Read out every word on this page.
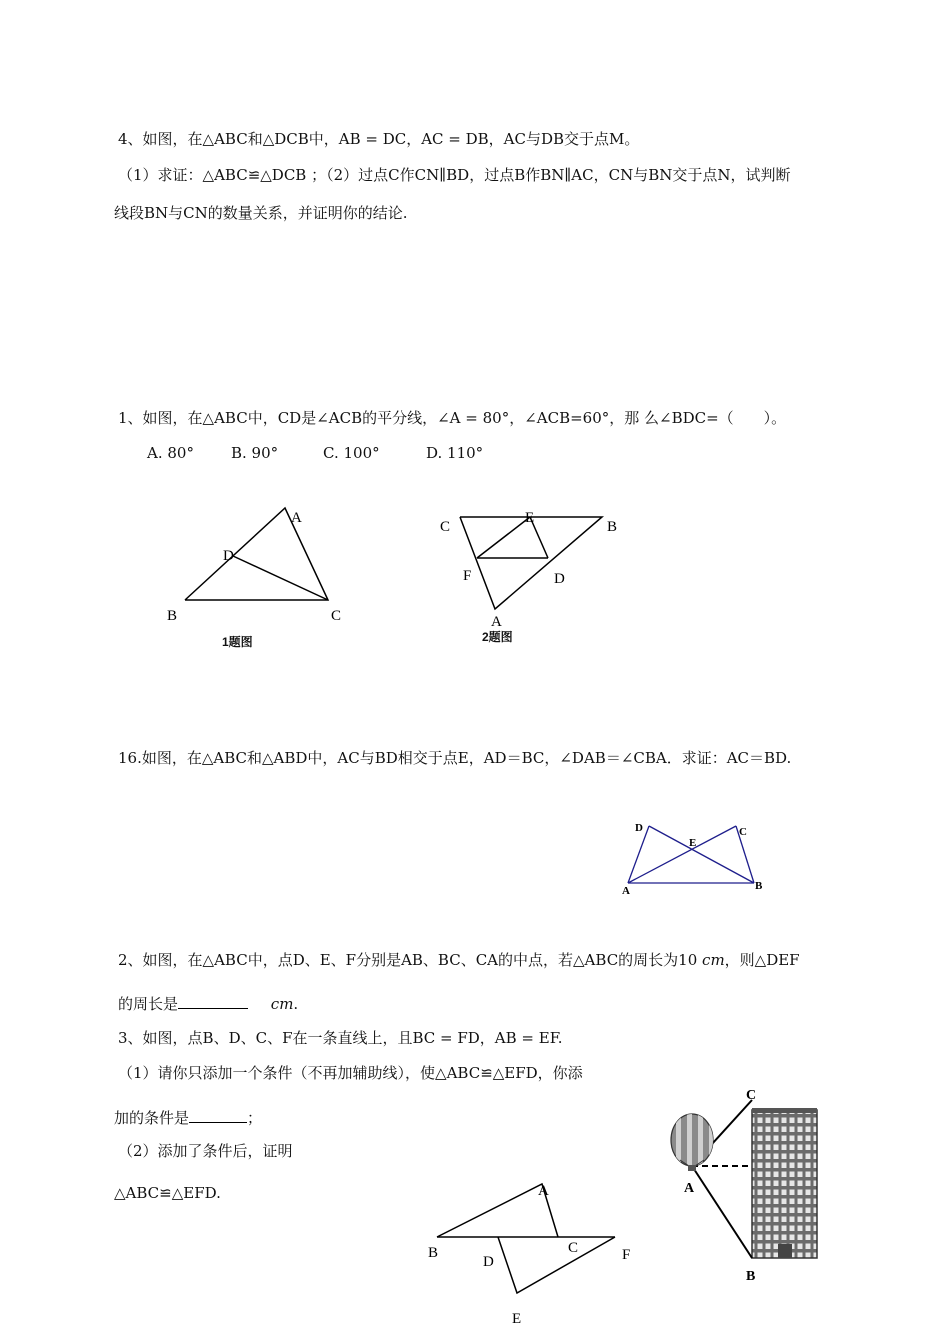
4、如图，在△ABC和△DCB中，AB = DC，AC = DB，AC与DB交于点M。
（1）求证：△ABC≌△DCB ；（2）过点C作CN∥BD，过点B作BN∥AC，CN与BN交于点N，试判断
线段BN与CN的数量关系，并证明你的结论.
1、如图，在△ABC中，CD是∠ACB的平分线，∠A = 80°，∠ACB=60°，那 么∠BDC=（　　）。
A. 80° B. 90°	C. 100°	D. 110°
A
D
B	C
1题图
C
E
B
F	D
A
2题图
16.如图，在△ABC和△ABD中，AC与BD相交于点E，AD＝BC，∠DAB＝∠CBA．求证：AC＝BD.
D
E
C
A	B
2、如图，在△ABC中，点D、E、F分别是AB、BC、CA的中点，若△ABC的周长为10 cm，则△DEF
的周长是	cm.
3、如图，点B、D、C、F在一条直线上，且BC = FD，AB = EF.
（1）请你只添加一个条件（不再加辅助线），使△ABC≌△EFD，你添
加的条件是	；
（2）添加了条件后，证明
△ABC≌△EFD.	A
B	C
D	F
E
C
A
B
